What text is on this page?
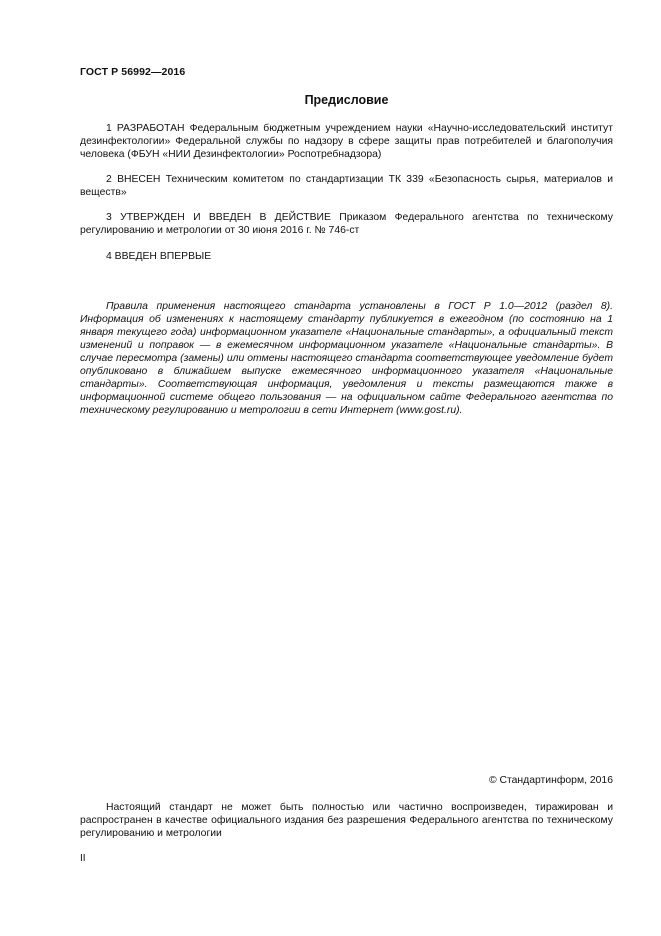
ГОСТ Р 56992—2016
Предисловие

1 РАЗРАБОТАН Федеральным бюджетным учреждением науки «Научно-исследовательский институт дезинфектологии» Федеральной службы по надзору в сфере защиты прав потребителей и благополучия человека (ФБУН «НИИ Дезинфектологии» Роспотребнадзора)

2 ВНЕСЕН Техническим комитетом по стандартизации ТК 339 «Безопасность сырья, материалов и веществ»

3 УТВЕРЖДЕН И ВВЕДЕН В ДЕЙСТВИЕ Приказом Федерального агентства по техническому регулированию и метрологии от 30 июня 2016 г. № 746-ст

4 ВВЕДЕН ВПЕРВЫЕ

Правила применения настоящего стандарта установлены в ГОСТ Р 1.0—2012 (раздел 8). Информация об изменениях к настоящему стандарту публикуется в ежегодном (по состоянию на 1 января текущего года) информационном указателе «Национальные стандарты», а официальный текст изменений и поправок — в ежемесячном информационном указателе «Национальные стандарты». В случае пересмотра (замены) или отмены настоящего стандарта соответствующее уведомление будет опубликовано в ближайшем выпуске ежемесячного информационного указателя «Национальные стандарты». Соответствующая информация, уведомления и тексты размещаются также в информационной системе общего пользования — на официальном сайте Федерального агентства по техническому регулированию и метрологии в сети Интернет (www.gost.ru).

© Стандартинформ, 2016

Настоящий стандарт не может быть полностью или частично воспроизведен, тиражирован и распространен в качестве официального издания без разрешения Федерального агентства по техническому регулированию и метрологии

II
